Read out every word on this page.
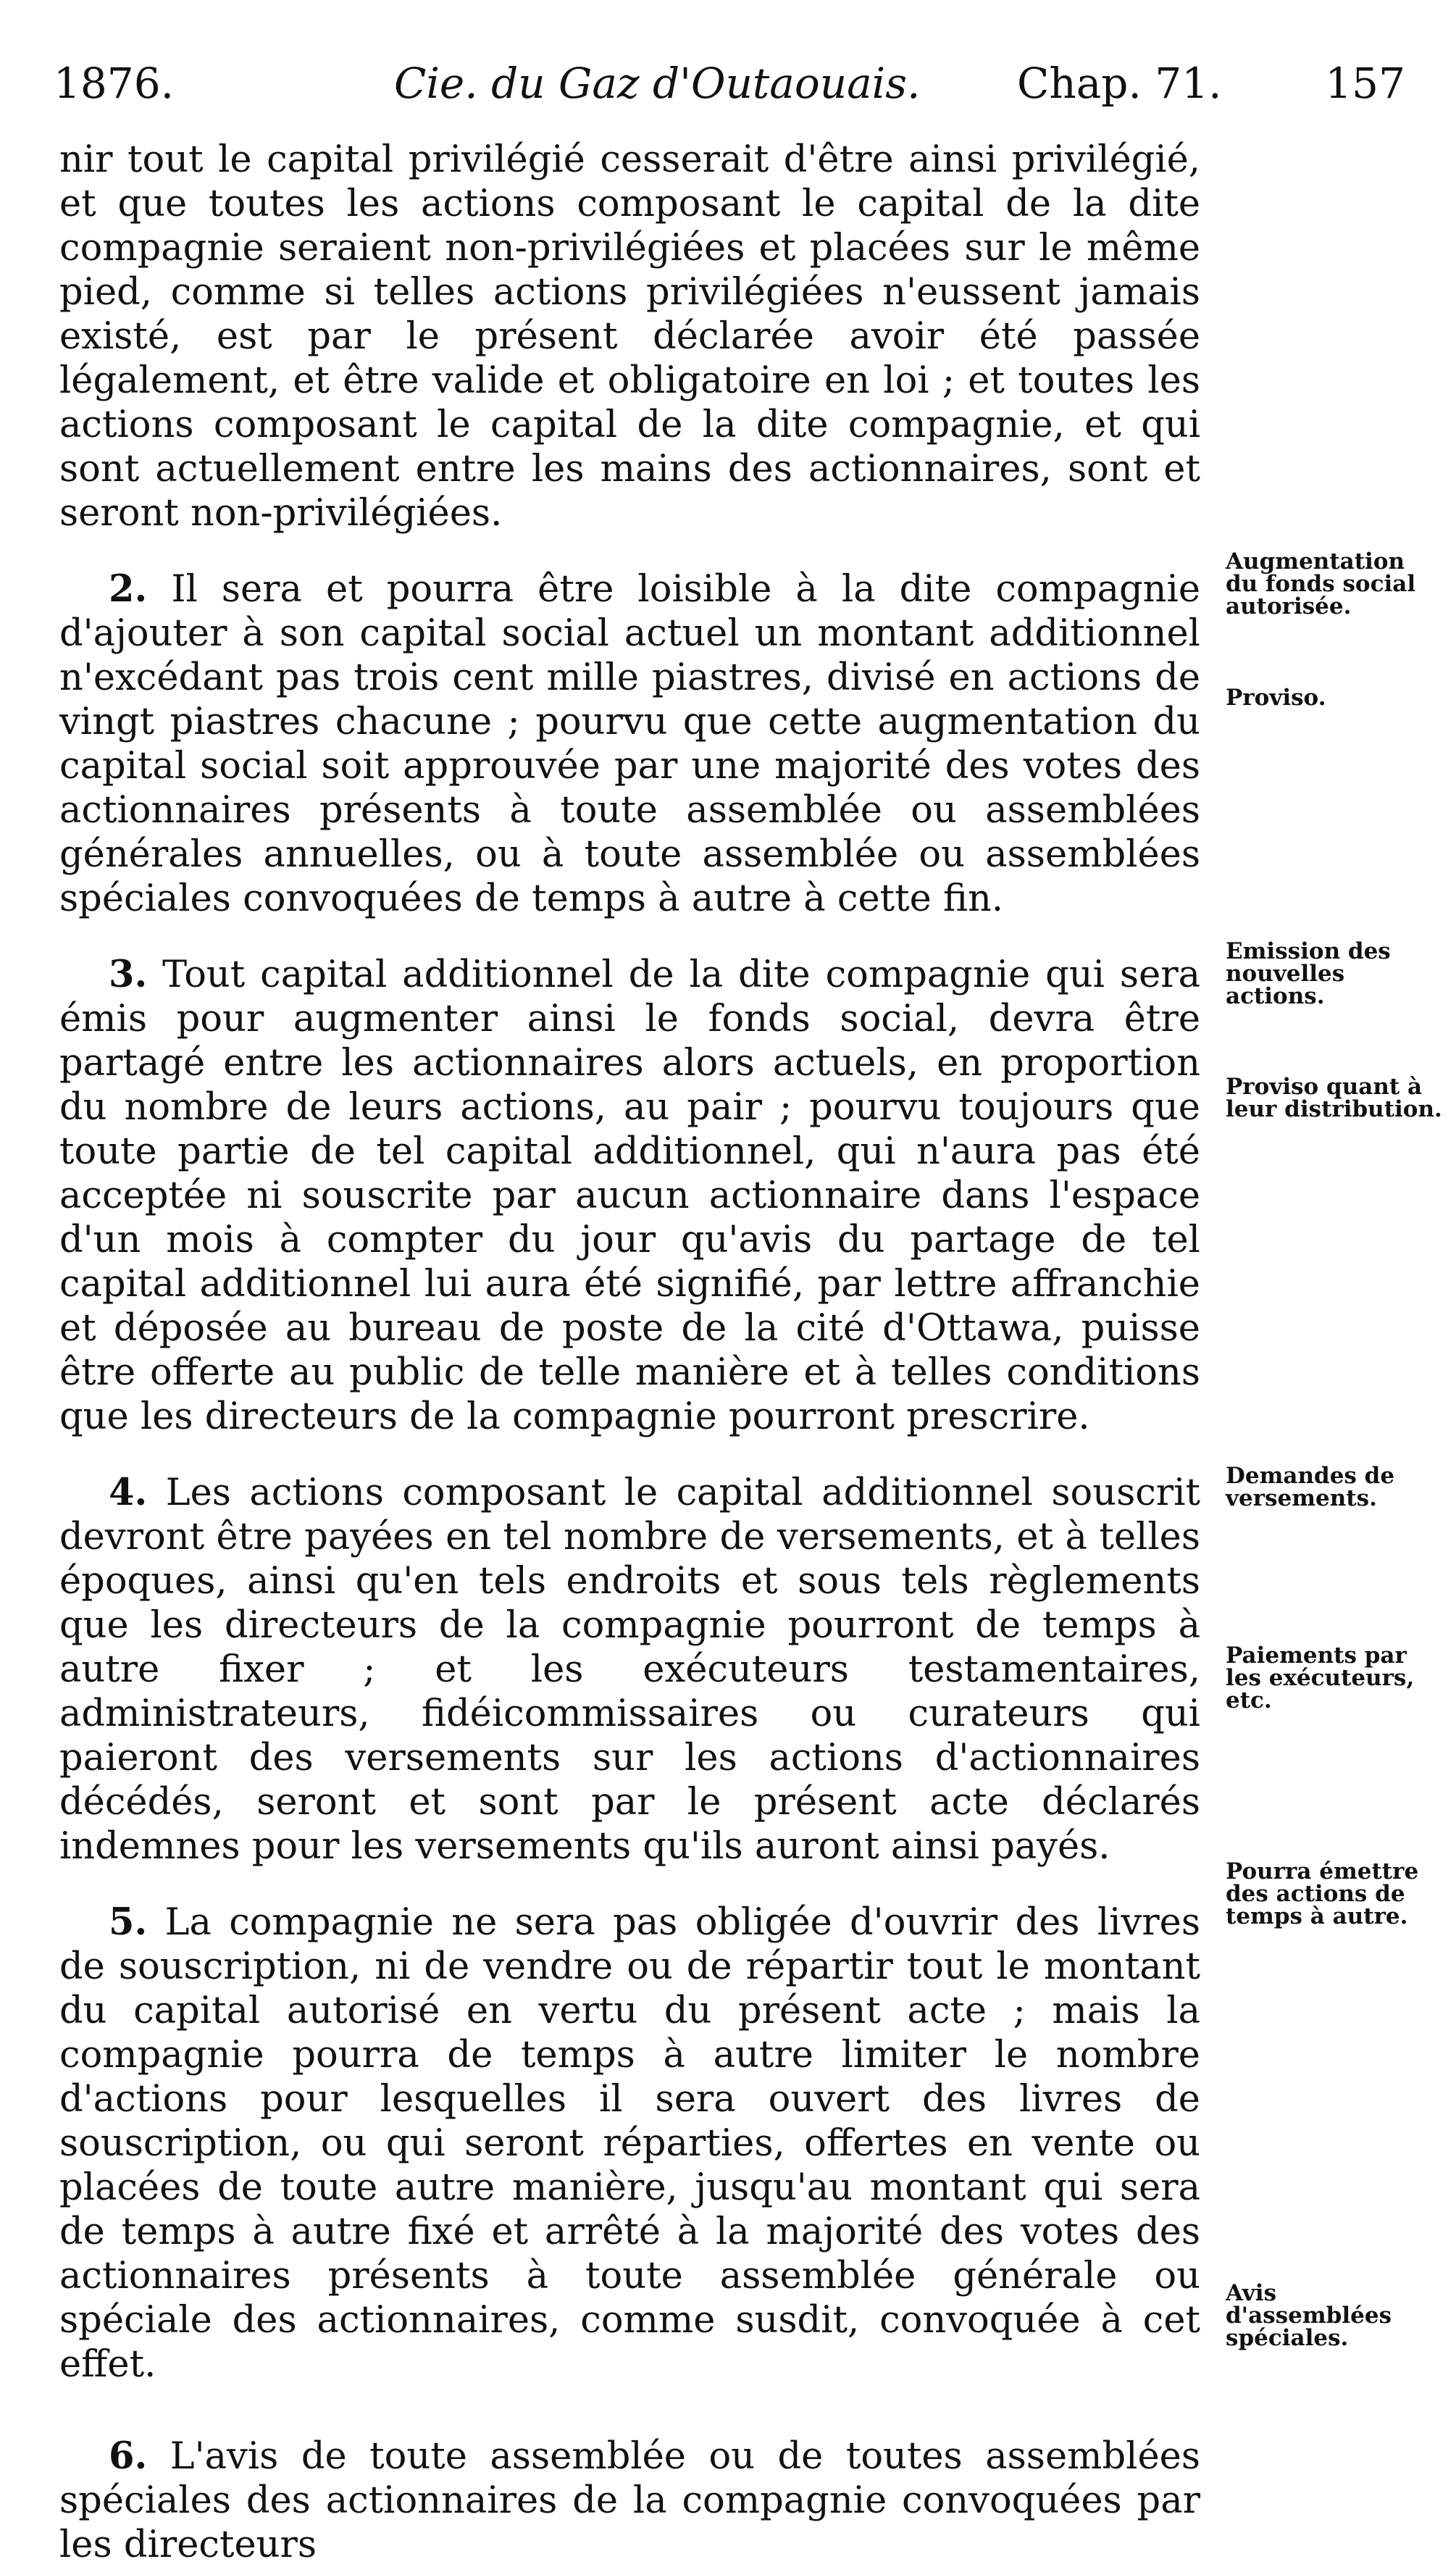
1876.	Cie. du Gaz d'Outaouais. Chap. 71. 157

nir tout le capital privilégié cesserait d'être ainsi privilégié, et que toutes les actions composant le capital de la dite compagnie seraient non-privilégiées et placées sur le même pied, comme si telles actions privilégiées n'eussent jamais existé, est par le présent déclarée avoir été passée légalement, et être valide et obligatoire en loi ; et toutes les actions composant le capital de la dite compagnie, et qui sont actuellement entre les mains des actionnaires, sont et seront non-privilégiées.

2. Il sera et pourra être loisible à la dite compagnie d'ajouter à son capital social actuel un montant additionnel n'excédant pas trois cent mille piastres, divisé en actions de vingt piastres chacune ; pourvu que cette augmentation du capital social soit approuvée par une majorité des votes des actionnaires présents à toute assemblée ou assemblées générales annuelles, ou à toute assemblée ou assemblées spéciales convoquées de temps à autre à cette fin.

3. Tout capital additionnel de la dite compagnie qui sera émis pour augmenter ainsi le fonds social, devra être partagé entre les actionnaires alors actuels, en proportion du nombre de leurs actions, au pair ; pourvu toujours que toute partie de tel capital additionnel, qui n'aura pas été acceptée ni souscrite par aucun actionnaire dans l'espace d'un mois à compter du jour qu'avis du partage de tel capital additionnel lui aura été signifié, par lettre affranchie et déposée au bureau de poste de la cité d'Ottawa, puisse être offerte au public de telle manière et à telles conditions que les directeurs de la compagnie pourront prescrire.

4. Les actions composant le capital additionnel souscrit devront être payées en tel nombre de versements, et à telles époques, ainsi qu'en tels endroits et sous tels règlements que les directeurs de la compagnie pourront de temps à autre fixer ; et les exécuteurs testamentaires, administrateurs, fidéicommissaires ou curateurs qui paieront des versements sur les actions d'actionnaires décédés, seront et sont par le présent acte déclarés indemnes pour les versements qu'ils auront ainsi payés.

5. La compagnie ne sera pas obligée d'ouvrir des livres de souscription, ni de vendre ou de répartir tout le montant du capital autorisé en vertu du présent acte ; mais la compagnie pourra de temps à autre limiter le nombre d'actions pour lesquelles il sera ouvert des livres de souscription, ou qui seront réparties, offertes en vente ou placées de toute autre manière, jusqu'au montant qui sera de temps à autre fixé et arrêté à la majorité des votes des actionnaires présents à toute assemblée générale ou spéciale des actionnaires, comme susdit, convoquée à cet effet.

6. L'avis de toute assemblée ou de toutes assemblées spéciales des actionnaires de la compagnie convoquées par les directeurs

Augmentation du fonds social autorisée.
Proviso.
Emission des nouvelles actions.
Proviso quant à leur distribution.
Demandes de versements.
Paiements par les exécuteurs, etc.
Pourra émettre des actions de temps à autre.
Avis d'assemblées spéciales.
